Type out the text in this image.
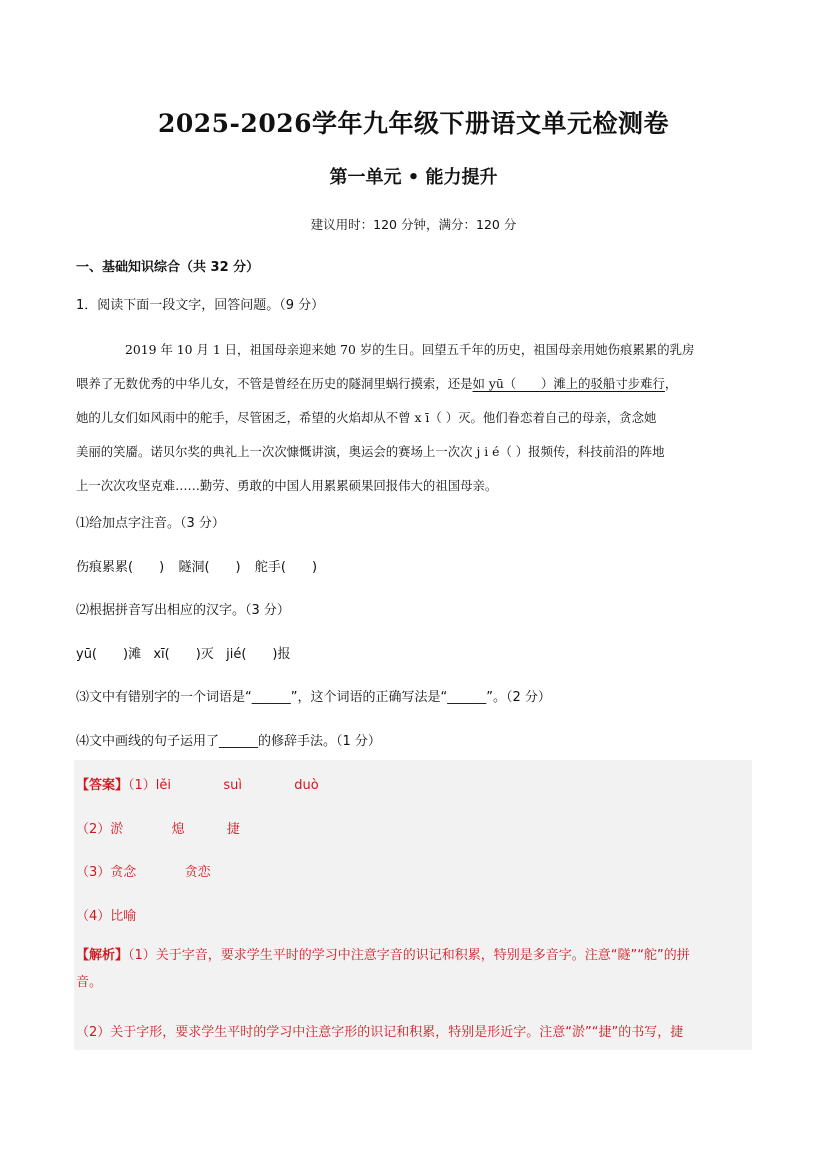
2025-2026学年九年级下册语文单元检测卷
第一单元 • 能力提升
建议用时：120 分钟，满分：120 分
一、基础知识综合（共 32 分）
1．阅读下面一段文字，回答问题。（9 分）

2019 年 10 月 1 日，祖国母亲迎来她 70 岁的生日。回望五千年的历史，祖国母亲用她伤痕累累的乳房

喂养了无数优秀的中华儿女，不管是曾经在历史的隧洞里蜗行摸索，还是如 yū（　　）滩上的驳船寸步难行，

她的儿女们如风雨中的舵手，尽管困乏，希望的火焰却从不曾 x ī（ ）灭。他们眷恋着自己的母亲，贪念她

美丽的笑靥。诺贝尔奖的典礼上一次次慷慨讲演，奥运会的赛场上一次次 j i é（ ）报频传，科技前沿的阵地

上一次次攻坚克难……勤劳、勇敢的中国人用累累硕果回报伟大的祖国母亲。

⑴给加点字注音。（3 分）
伤痕累累(　　) 隧洞(　　) 舵手(　　)
⑵根据拼音写出相应的汉字。（3 分）
yū(　　)滩 xī(　　)灭 jié(　　)报
⑶文中有错别字的一个词语是“______”，这个词语的正确写法是“______”。（2 分）
⑷文中画线的句子运用了______的修辞手法。（1 分）
【答案】（1）lěi	suì	duò
（2）淤	熄	捷
（3）贪念	贪恋
（4）比喻

【解析】（1）关于字音，要求学生平时的学习中注意字音的识记和积累，特别是多音字。注意“隧”“舵”的拼

音。

（2）关于字形，要求学生平时的学习中注意字形的识记和积累，特别是形近字。注意“淤”“捷”的书写，捷
